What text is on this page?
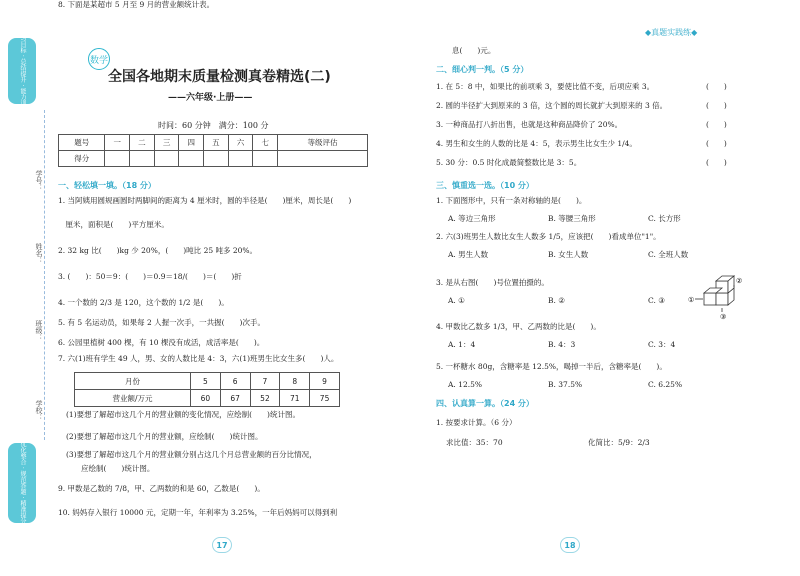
学习目标 · 总结提升 · 能力训练
优化整合 · 规范答题 · 精准提分
学号：
姓名：
班级：
学校：
数学
全国各地期末质量检测真卷精选(二)
——六年级·上册——
时间：60 分钟　满分：100 分
题号	一	二	三	四	五	六	七	等级评估
得分								
一、轻松填一填。（18 分）
1. 当阿姨用圆规画圆时两脚间的距离为 4 厘米时，圆的半径是(　　)厘米，周长是(　　)
　厘米，面积是(　　)平方厘米。
2. 32 kg 比(　　)kg 少 20%，(　　)吨比 25 吨多 20%。
3. (　　)：50＝9：(　　)＝0.9＝18/(　　)＝(　　)折
4. 一个数的 2/3 是 120，这个数的 1/2 是(　　)。
5. 有 5 名运动员，如果每 2 人握一次手，一共握(　　)次手。
6. 公园里植树 400 棵，有 10 棵没有成活，成活率是(　　)。
7. 六(1)班有学生 49 人，男、女的人数比是 4：3，六(1)班男生比女生多(　　)人。
8. 下面是某超市 5 月至 9 月的营业额统计表。
月份	5	6	7	8	9
营业额/万元	60	67	52	71	75
(1)要想了解超市这几个月的营业额的变化情况，应绘制(　　)统计图。
(2)要想了解超市这几个月的营业额，应绘制(　　)统计图。
(3)要想了解超市这几个月的营业额分别占这几个月总营业额的百分比情况，
　　应绘制(　　)统计图。
9. 甲数是乙数的 7/8，甲、乙两数的和是 60，乙数是(　　)。
10. 妈妈存入银行 10000 元，定期一年，年利率为 3.25%，一年后妈妈可以得到利
17
◆真题实践练◆
息(　　)元。
二、细心判一判。（5 分）
1. 在 5：8 中，如果比的前项乘 3，要使比值不变，后项应乘 3。	(　　)
2. 圆的半径扩大到原来的 3 倍，这个圆的周长就扩大到原来的 3 倍。	(　　)
3. 一种商品打八折出售，也就是这种商品降价了 20%。	(　　)
4. 男生和女生的人数的比是 4：5，表示男生比女生少 1/4。	(　　)
5. 30 分：0.5 时化成最简整数比是 3：5。	(　　)
三、慎重选一选。（10 分）
1. 下面图形中，只有一条对称轴的是(　　)。
A. 等边三角形	B. 等腰三角形	C. 长方形
2. 六(3)班男生人数比女生人数多 1/5，应该把(　　)看成单位"1"。
A. 男生人数	B. 女生人数	C. 全班人数
3. 是从右图(　　)号位置拍摄的。
A. ①	B. ②	C. ③
4. 甲数比乙数多 1/3，甲、乙两数的比是(　　)。
A. 1：4	B. 4：3	C. 3：4
5. 一杯糖水 80g，含糖率是 12.5%，喝掉一半后，含糖率是(　　)。
A. 12.5%	B. 37.5%	C. 6.25%
四、认真算一算。（24 分）
1. 按要求计算。（6 分）
求比值：35：70	化简比：5/9：2/3
18
①
②
③
